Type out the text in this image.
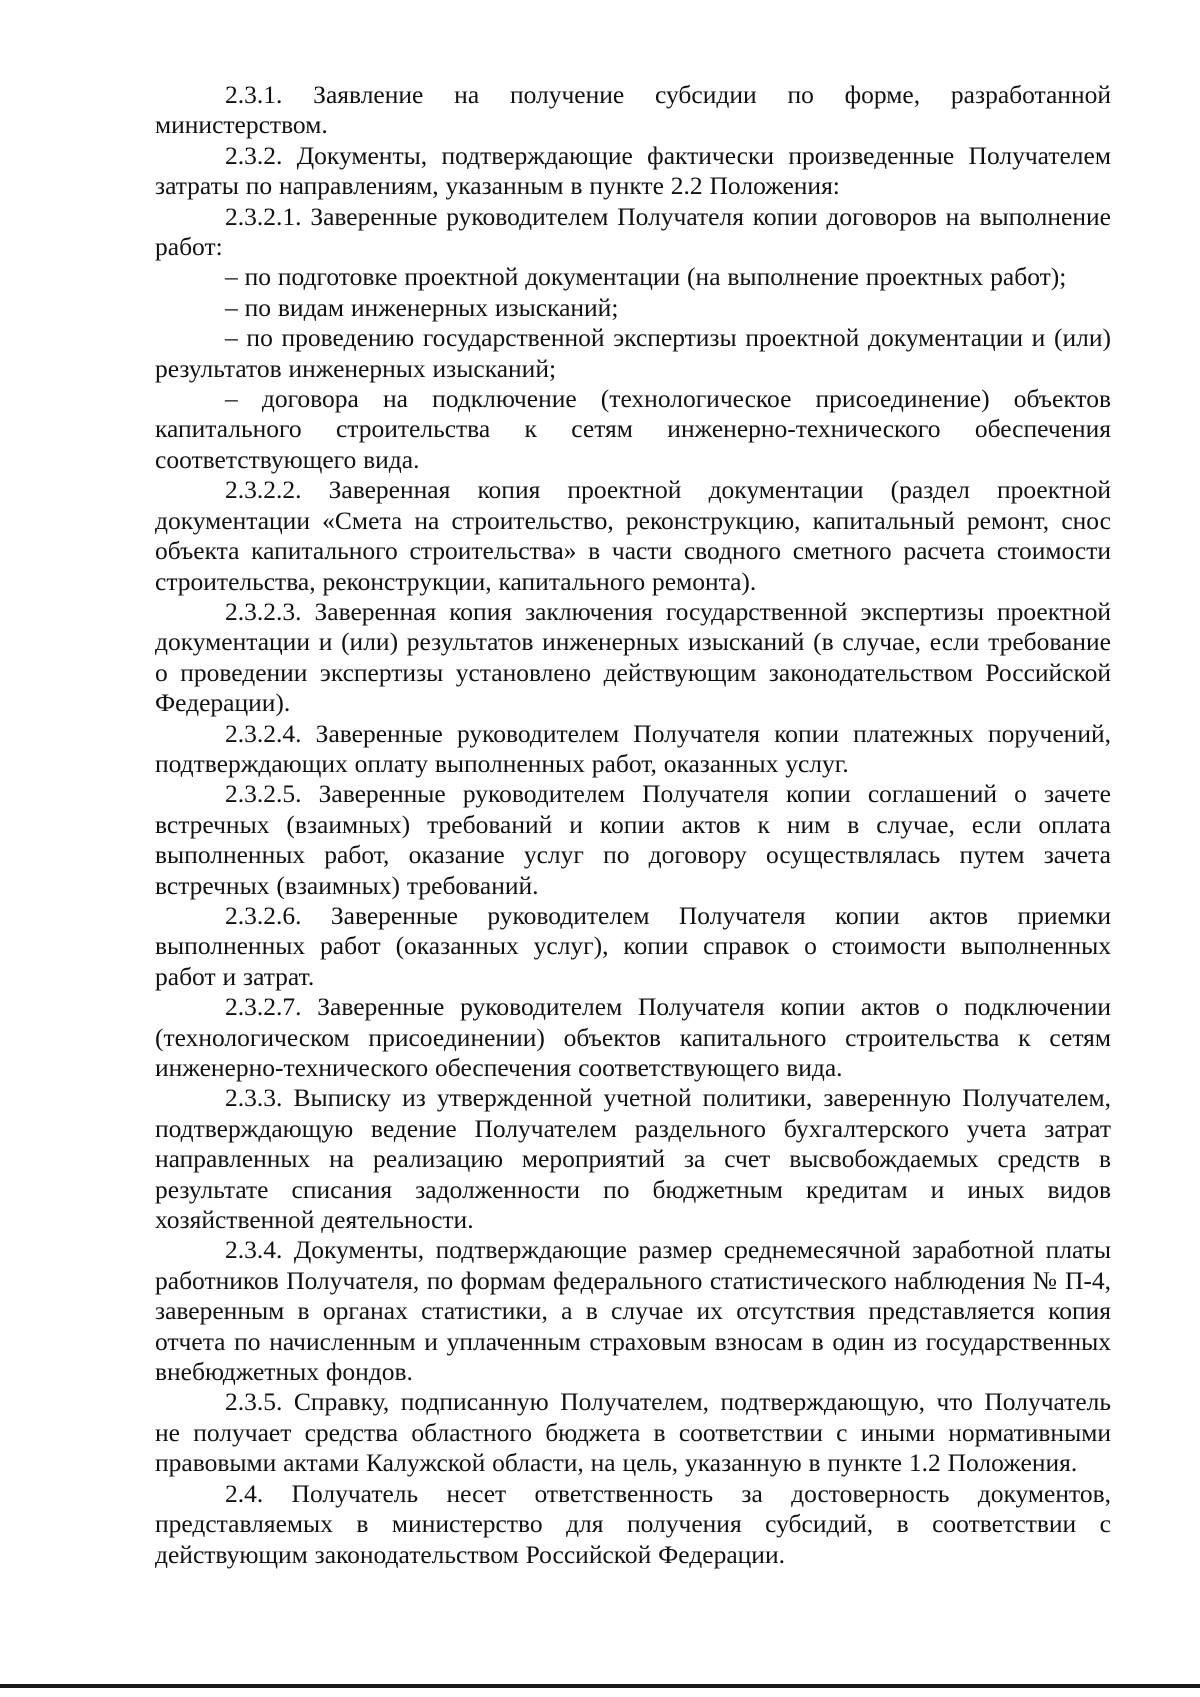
2.3.1. Заявление на получение субсидии по форме, разработанной министерством.

2.3.2. Документы, подтверждающие фактически произведенные Получателем затраты по направлениям, указанным в пункте 2.2 Положения:

2.3.2.1. Заверенные руководителем Получателя копии договоров на выполнение работ:

– по подготовке проектной документации (на выполнение проектных работ);

– по видам инженерных изысканий;

– по проведению государственной экспертизы проектной документации и (или) результатов инженерных изысканий;

– договора на подключение (технологическое присоединение) объектов капитального строительства к сетям инженерно-технического обеспечения соответствующего вида.

2.3.2.2. Заверенная копия проектной документации (раздел проектной документации «Смета на строительство, реконструкцию, капитальный ремонт, снос объекта капитального строительства» в части сводного сметного расчета стоимости строительства, реконструкции, капитального ремонта).

2.3.2.3. Заверенная копия заключения государственной экспертизы проектной документации и (или) результатов инженерных изысканий (в случае, если требование о проведении экспертизы установлено действующим законодательством Российской Федерации).

2.3.2.4. Заверенные руководителем Получателя копии платежных поручений, подтверждающих оплату выполненных работ, оказанных услуг.

2.3.2.5. Заверенные руководителем Получателя копии соглашений о зачете встречных (взаимных) требований и копии актов к ним в случае, если оплата выполненных работ, оказание услуг по договору осуществлялась путем зачета встречных (взаимных) требований.

2.3.2.6. Заверенные руководителем Получателя копии актов приемки выполненных работ (оказанных услуг), копии справок о стоимости выполненных работ и затрат.

2.3.2.7. Заверенные руководителем Получателя копии актов о подключении (технологическом присоединении) объектов капитального строительства к сетям инженерно-технического обеспечения соответствующего вида.

2.3.3. Выписку из утвержденной учетной политики, заверенную Получателем, подтверждающую ведение Получателем раздельного бухгалтерского учета затрат направленных на реализацию мероприятий за счет высвобождаемых средств в результате списания задолженности по бюджетным кредитам и иных видов хозяйственной деятельности.

2.3.4. Документы, подтверждающие размер среднемесячной заработной платы работников Получателя, по формам федерального статистического наблюдения № П-4, заверенным в органах статистики, а в случае их отсутствия представляется копия отчета по начисленным и уплаченным страховым взносам в один из государственных внебюджетных фондов.

2.3.5. Справку, подписанную Получателем, подтверждающую, что Получатель не получает средства областного бюджета в соответствии с иными нормативными правовыми актами Калужской области, на цель, указанную в пункте 1.2 Положения.

2.4. Получатель несет ответственность за достоверность документов, представляемых в министерство для получения субсидий, в соответствии с действующим законодательством Российской Федерации.
